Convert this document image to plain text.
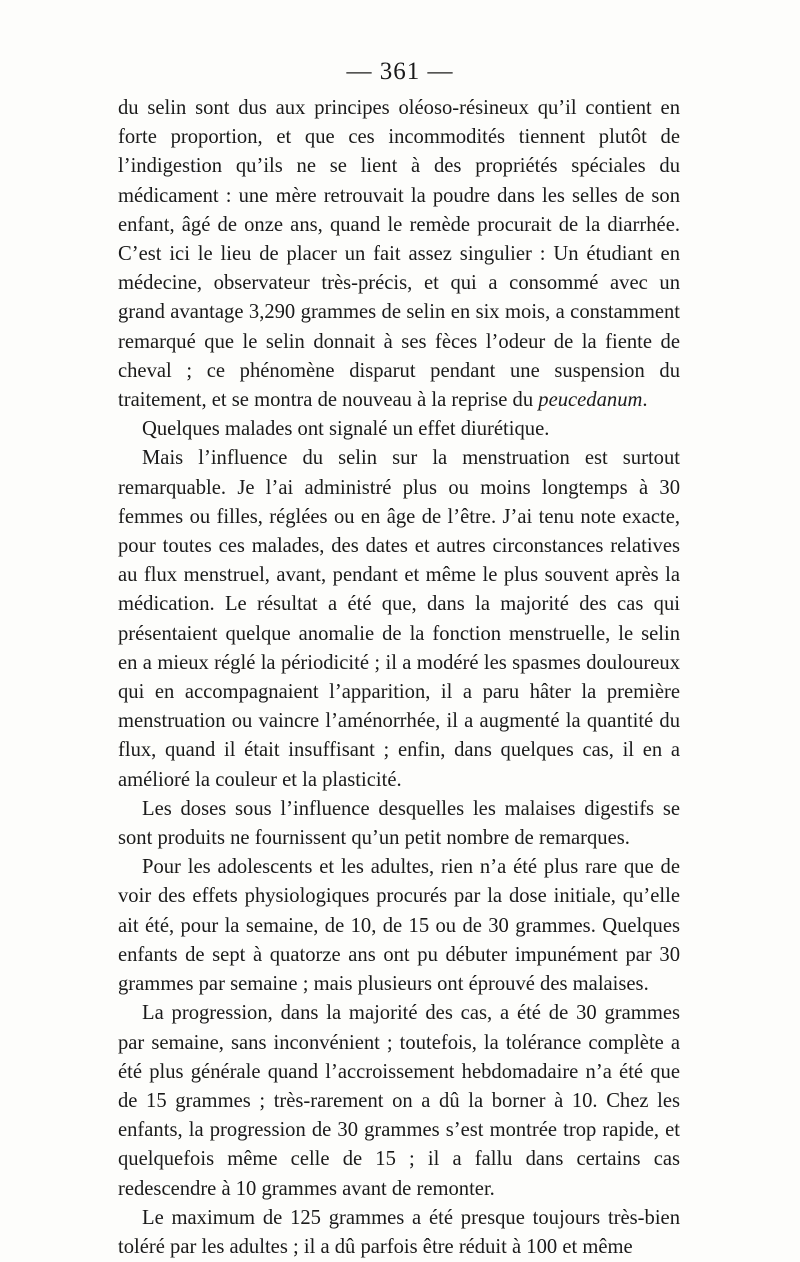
— 361 —

du selin sont dus aux principes oléoso-résineux qu’il contient en forte proportion, et que ces incommodités tiennent plutôt de l’indigestion qu’ils ne se lient à des propriétés spéciales du médicament : une mère retrouvait la poudre dans les selles de son enfant, âgé de onze ans, quand le remède procurait de la diarrhée. C’est ici le lieu de placer un fait assez singulier : Un étudiant en médecine, observateur très-précis, et qui a consommé avec un grand avantage 3,290 grammes de selin en six mois, a constamment remarqué que le selin donnait à ses fèces l’odeur de la fiente de cheval ; ce phénomène disparut pendant une suspension du traitement, et se montra de nouveau à la reprise du peucedanum.

Quelques malades ont signalé un effet diurétique.

Mais l’influence du selin sur la menstruation est surtout remarquable. Je l’ai administré plus ou moins longtemps à 30 femmes ou filles, réglées ou en âge de l’être. J’ai tenu note exacte, pour toutes ces malades, des dates et autres circonstances relatives au flux menstruel, avant, pendant et même le plus souvent après la médication. Le résultat a été que, dans la majorité des cas qui présentaient quelque anomalie de la fonction menstruelle, le selin en a mieux réglé la périodicité ; il a modéré les spasmes douloureux qui en accompagnaient l’apparition, il a paru hâter la première menstruation ou vaincre l’aménorrhée, il a augmenté la quantité du flux, quand il était insuffisant ; enfin, dans quelques cas, il en a amélioré la couleur et la plasticité.

Les doses sous l’influence desquelles les malaises digestifs se sont produits ne fournissent qu’un petit nombre de remarques.

Pour les adolescents et les adultes, rien n’a été plus rare que de voir des effets physiologiques procurés par la dose initiale, qu’elle ait été, pour la semaine, de 10, de 15 ou de 30 grammes. Quelques enfants de sept à quatorze ans ont pu débuter impunément par 30 grammes par semaine ; mais plusieurs ont éprouvé des malaises.

La progression, dans la majorité des cas, a été de 30 grammes par semaine, sans inconvénient ; toutefois, la tolérance complète a été plus générale quand l’accroissement hebdomadaire n’a été que de 15 grammes ; très-rarement on a dû la borner à 10. Chez les enfants, la progression de 30 grammes s’est montrée trop rapide, et quelquefois même celle de 15 ; il a fallu dans certains cas redescendre à 10 grammes avant de remonter.

Le maximum de 125 grammes a été presque toujours très-bien toléré par les adultes ; il a dû parfois être réduit à 100 et même
